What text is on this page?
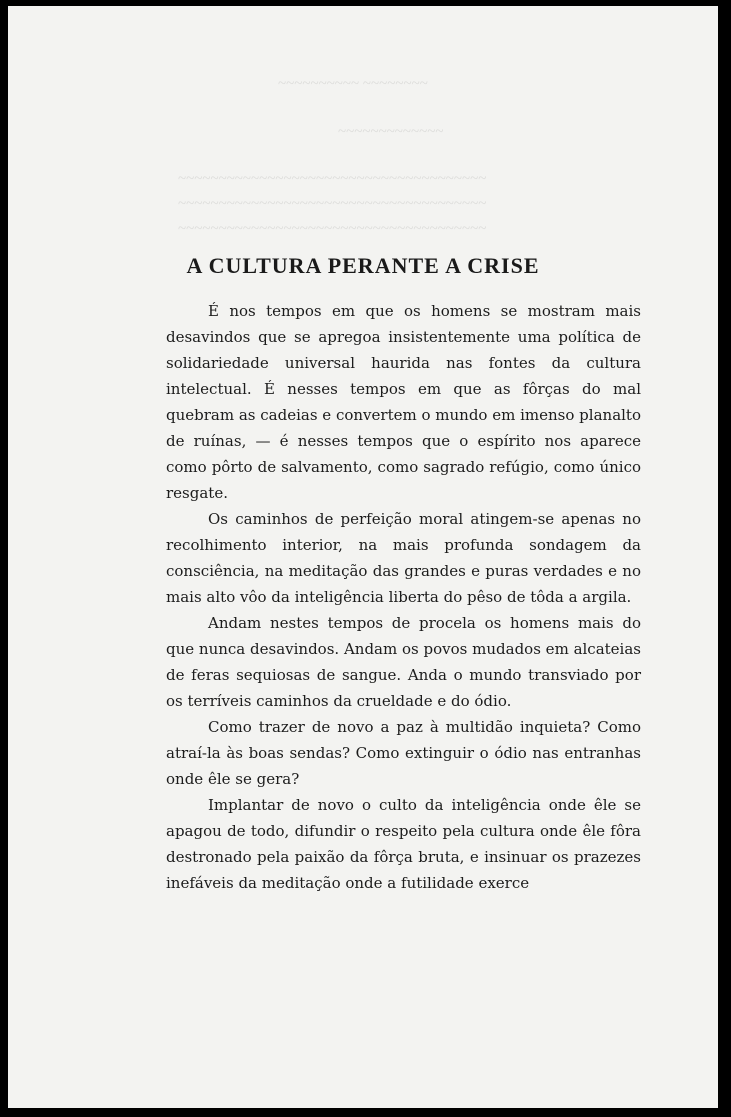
~~~~~~~~~~ ~~~~~~~~
~~~~~~~~~~~~~
~~~~~~~~~~~~~~~~~~~~~~~~~~~~~~~~~~~~~~
~~~~~~~~~~~~~~~~~~~~~~~~~~~~~~~~~~~~~~
~~~~~~~~~~~~~~~~~~~~~~~~~~~~~~~~~~~~~~
A CULTURA PERANTE A CRISE

É nos tempos em que os homens se mostram mais desavindos que se apregoa insistentemente uma política de solidariedade universal haurida nas fontes da cultura intelectual. É nesses tempos em que as fôrças do mal quebram as cadeias e convertem o mundo em imenso planalto de ruínas, — é nesses tempos que o espírito nos aparece como pôrto de salvamento, como sagrado refúgio, como único resgate.

Os caminhos de perfeição moral atingem-se apenas no recolhimento interior, na mais profunda sondagem da consciência, na meditação das grandes e puras verdades e no mais alto vôo da inteligência liberta do pêso de tôda a argila.

Andam nestes tempos de procela os homens mais do que nunca desavindos. Andam os povos mudados em alcateias de feras sequiosas de sangue. Anda o mundo transviado por os terríveis caminhos da crueldade e do ódio.

Como trazer de novo a paz à multidão inquieta? Como atraí-la às boas sendas? Como extinguir o ódio nas entranhas onde êle se gera?

Implantar de novo o culto da inteligência onde êle se apagou de todo, difundir o respeito pela cultura onde êle fôra destronado pela paixão da fôrça bruta, e insinuar os prazezes inefáveis da meditação onde a futilidade exerce
